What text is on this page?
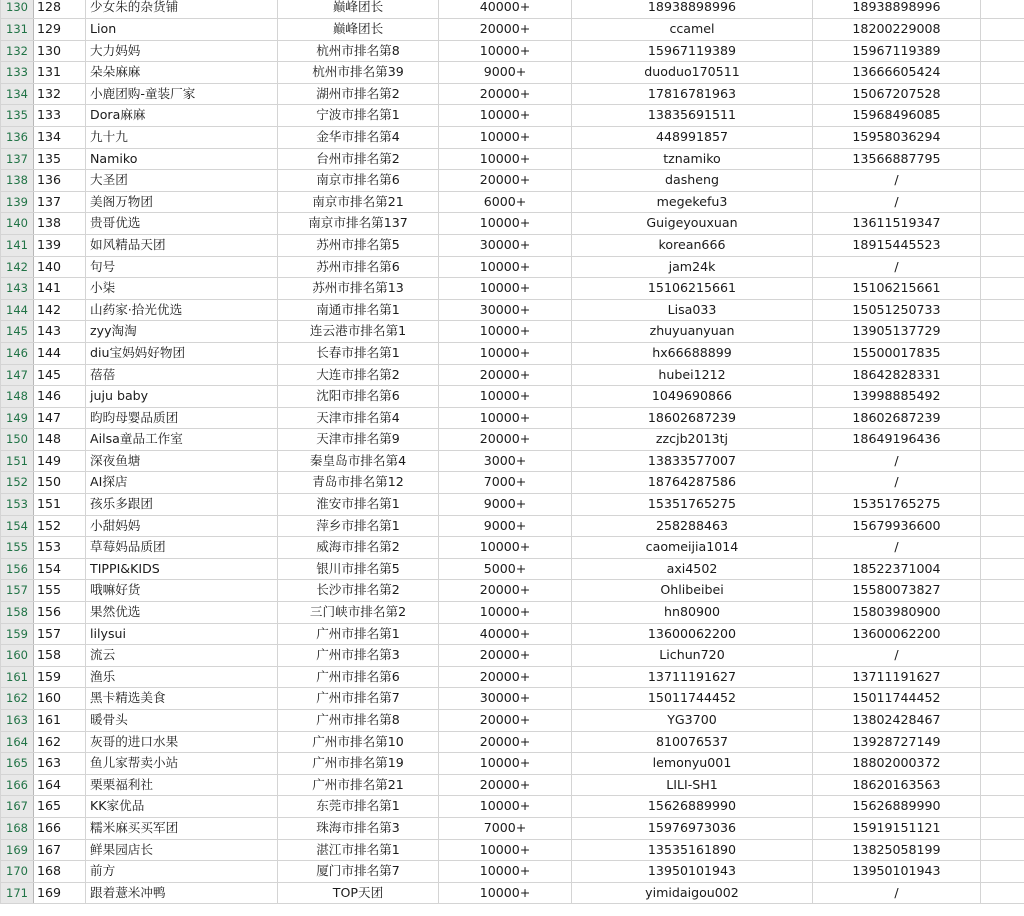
130	128	少女朱的杂货铺	巅峰团长	40000+	18938898996	18938898996	
131	129	Lion	巅峰团长	20000+	ccamel	18200229008	
132	130	大力妈妈	杭州市排名第8	10000+	15967119389	15967119389	
133	131	朵朵麻麻	杭州市排名第39	9000+	duoduo170511	13666605424	
134	132	小鹿团购-童装厂家	湖州市排名第2	20000+	17816781963	15067207528	
135	133	Dora麻麻	宁波市排名第1	10000+	13835691511	15968496085	
136	134	九十九	金华市排名第4	10000+	448991857	15958036294	
137	135	Namiko	台州市排名第2	10000+	tznamiko	13566887795	
138	136	大圣团	南京市排名第6	20000+	dasheng	/	
139	137	美阁万物团	南京市排名第21	6000+	megekefu3	/	
140	138	贵哥优选	南京市排名第137	10000+	Guigeyouxuan	13611519347	
141	139	如风精品天团	苏州市排名第5	30000+	korean666	18915445523	
142	140	句号	苏州市排名第6	10000+	jam24k	/	
143	141	小柒	苏州市排名第13	10000+	15106215661	15106215661	
144	142	山药家·拾光优选	南通市排名第1	30000+	Lisa033	15051250733	
145	143	zyy淘淘	连云港市排名第1	10000+	zhuyuanyuan	13905137729	
146	144	diu宝妈妈好物团	长春市排名第1	10000+	hx66688899	15500017835	
147	145	蓓蓓	大连市排名第2	20000+	hubei1212	18642828331	
148	146	juju baby	沈阳市排名第6	10000+	1049690866	13998885492	
149	147	昀昀母婴品质团	天津市排名第4	10000+	18602687239	18602687239	
150	148	Ailsa童品工作室	天津市排名第9	20000+	zzcjb2013tj	18649196436	
151	149	深夜鱼塘	秦皇岛市排名第4	3000+	13833577007	/	
152	150	AI探店	青岛市排名第12	7000+	18764287586	/	
153	151	孩乐多跟团	淮安市排名第1	9000+	15351765275	15351765275	
154	152	小甜妈妈	萍乡市排名第1	9000+	258288463	15679936600	
155	153	草莓妈品质团	威海市排名第2	10000+	caomeijia1014	/	
156	154	TIPPI&KIDS	银川市排名第5	5000+	axi4502	18522371004	
157	155	哦嘛好货	长沙市排名第2	20000+	Ohlibeibei	15580073827	
158	156	果然优选	三门峡市排名第2	10000+	hn80900	15803980900	
159	157	lilysui	广州市排名第1	40000+	13600062200	13600062200	
160	158	流云	广州市排名第3	20000+	Lichun720	/	
161	159	渔乐	广州市排名第6	20000+	13711191627	13711191627	
162	160	黑卡精选美食	广州市排名第7	30000+	15011744452	15011744452	
163	161	暖骨头	广州市排名第8	20000+	YG3700	13802428467	
164	162	灰哥的进口水果	广州市排名第10	20000+	810076537	13928727149	
165	163	鱼儿家帮卖小站	广州市排名第19	10000+	lemonyu001	18802000372	
166	164	栗栗福利社	广州市排名第21	20000+	LILI-SH1	18620163563	
167	165	KK家优品	东莞市排名第1	10000+	15626889990	15626889990	
168	166	糯米麻买买军团	珠海市排名第3	7000+	15976973036	15919151121	
169	167	鲜果园店长	湛江市排名第1	10000+	13535161890	13825058199	
170	168	前方	厦门市排名第7	10000+	13950101943	13950101943	
171	169	跟着薏米冲鸭	TOP天团	10000+	yimidaigou002	/	
